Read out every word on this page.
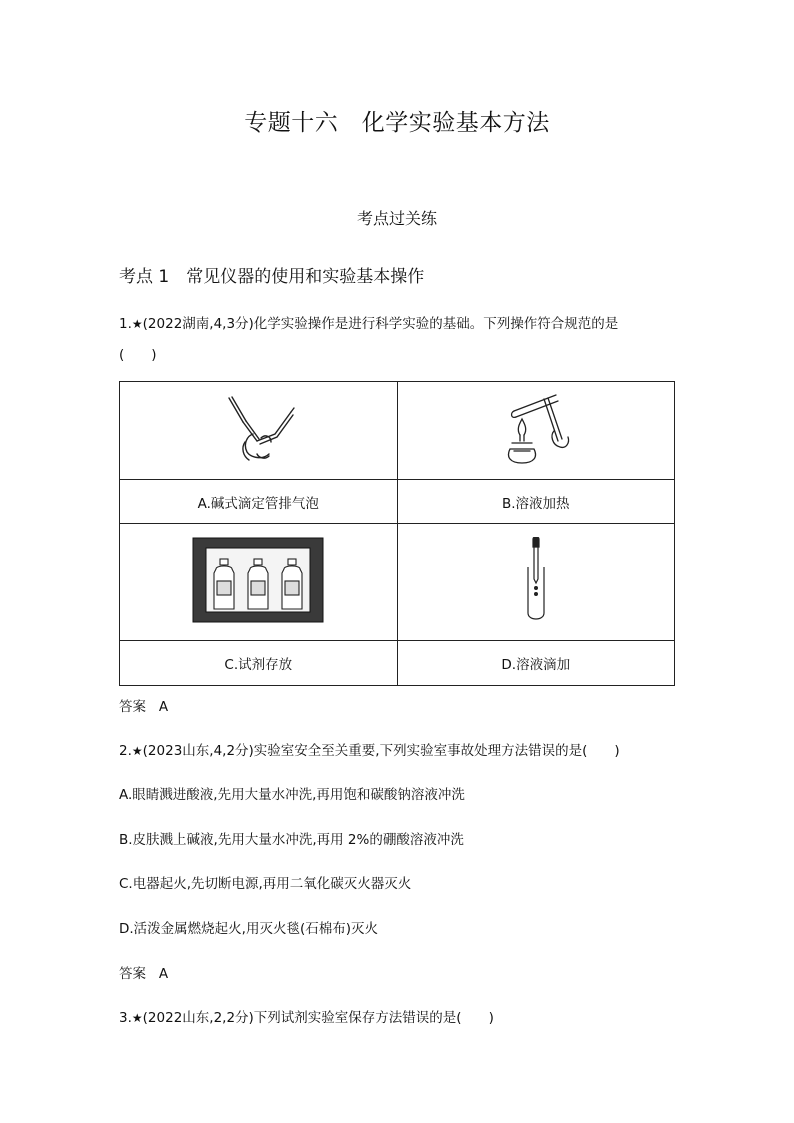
专题十六　化学实验基本方法
考点过关练
考点 1　常见仪器的使用和实验基本操作
1.★(2022湖南,4,3分)化学实验操作是进行科学实验的基础。下列操作符合规范的是
(　　)

A.碱式滴定管排气泡	B.溶液加热

C.试剂存放	D.溶液滴加
答案 A
2.★(2023山东,4,2分)实验室安全至关重要,下列实验室事故处理方法错误的是(　　)
A.眼睛溅进酸液,先用大量水冲洗,再用饱和碳酸钠溶液冲洗
B.皮肤溅上碱液,先用大量水冲洗,再用 2%的硼酸溶液冲洗
C.电器起火,先切断电源,再用二氧化碳灭火器灭火
D.活泼金属燃烧起火,用灭火毯(石棉布)灭火
答案 A
3.★(2022山东,2,2分)下列试剂实验室保存方法错误的是(　　)
